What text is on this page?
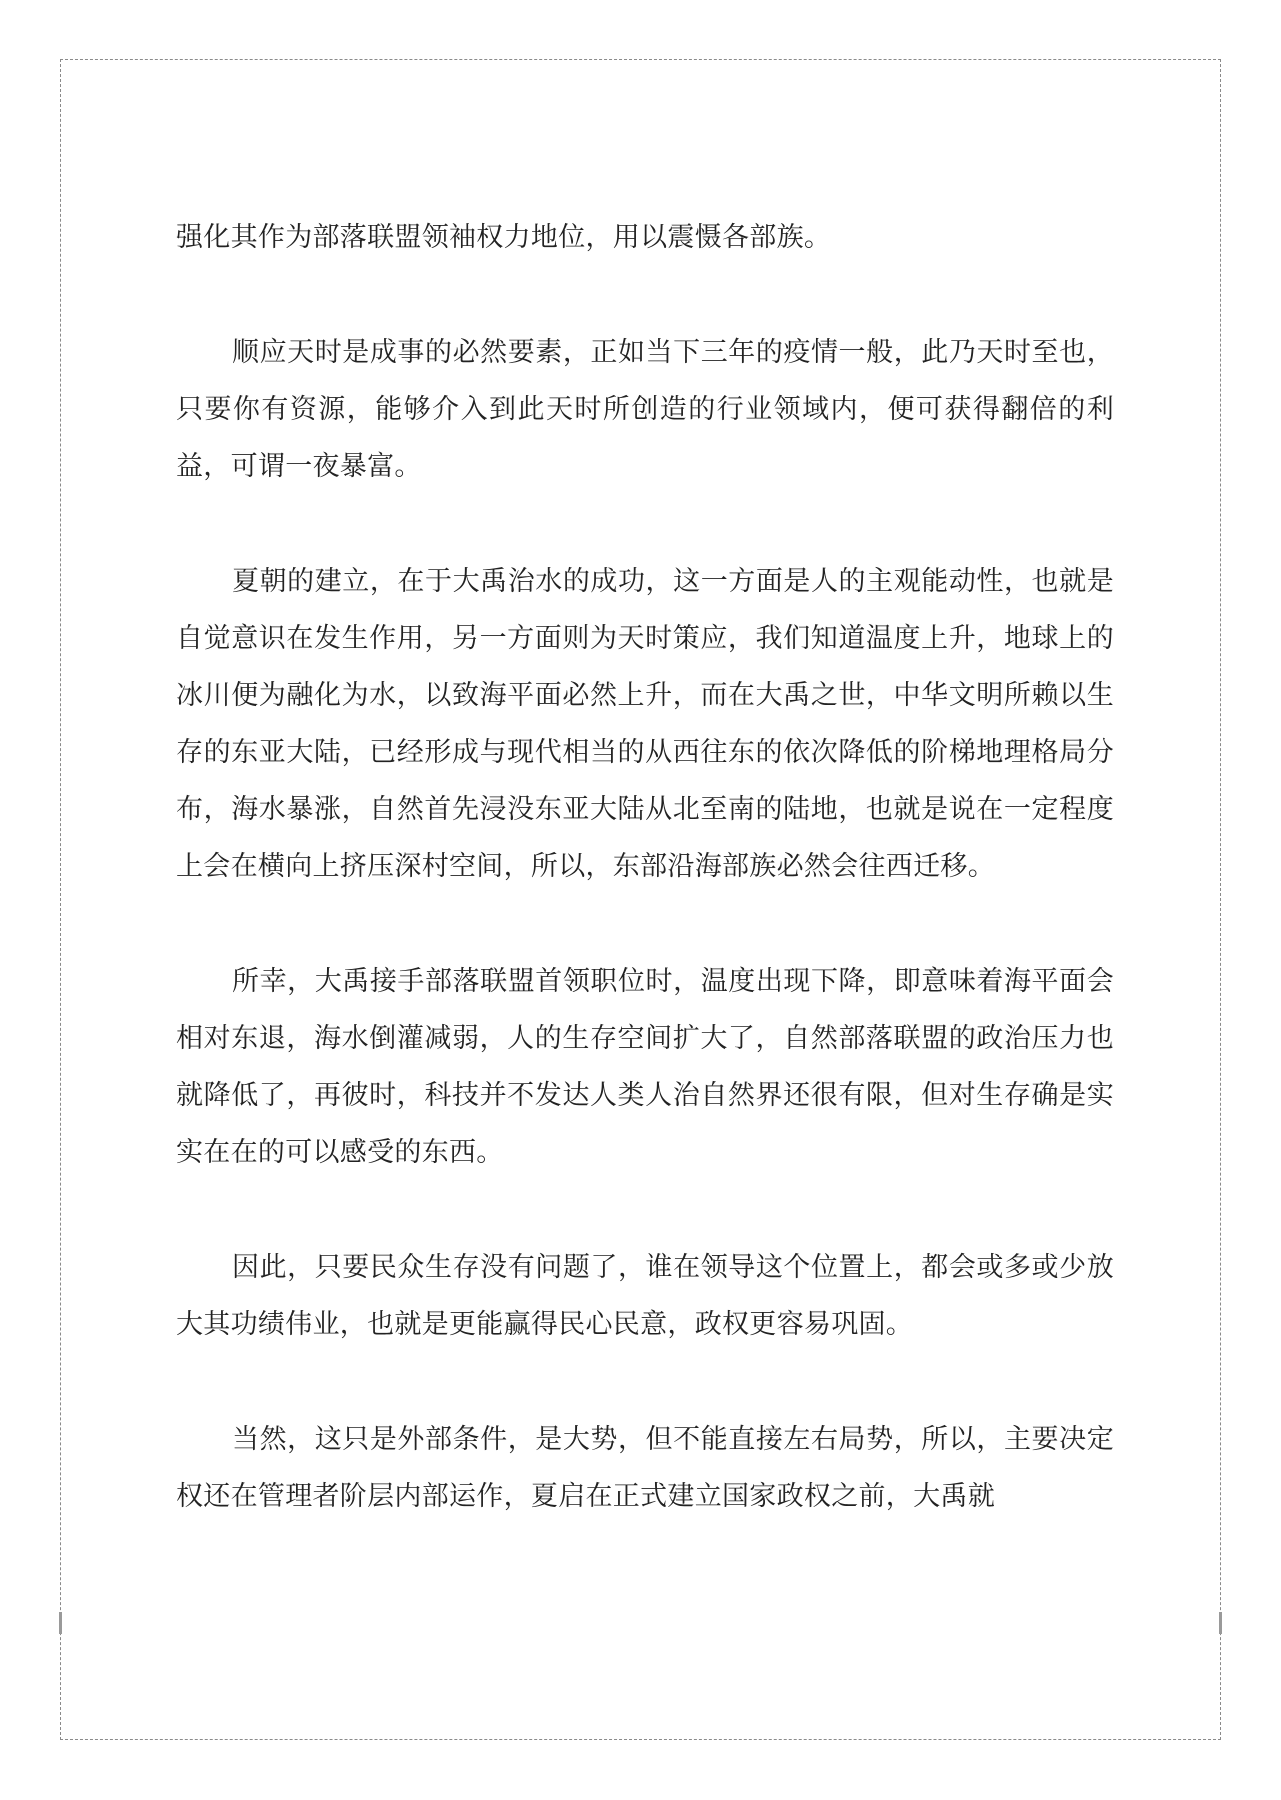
强化其作为部落联盟领袖权力地位，用以震慑各部族。

顺应天时是成事的必然要素，正如当下三年的疫情一般，此乃天时至也，只要你有资源，能够介入到此天时所创造的行业领域内，便可获得翻倍的利益，可谓一夜暴富。

夏朝的建立，在于大禹治水的成功，这一方面是人的主观能动性，也就是自觉意识在发生作用，另一方面则为天时策应，我们知道温度上升，地球上的冰川便为融化为水，以致海平面必然上升，而在大禹之世，中华文明所赖以生存的东亚大陆，已经形成与现代相当的从西往东的依次降低的阶梯地理格局分布，海水暴涨，自然首先浸没东亚大陆从北至南的陆地，也就是说在一定程度上会在横向上挤压深村空间，所以，东部沿海部族必然会往西迁移。

所幸，大禹接手部落联盟首领职位时，温度出现下降，即意味着海平面会相对东退，海水倒灌减弱，人的生存空间扩大了，自然部落联盟的政治压力也就降低了，再彼时，科技并不发达人类人治自然界还很有限，但对生存确是实实在在的可以感受的东西。

因此，只要民众生存没有问题了，谁在领导这个位置上，都会或多或少放大其功绩伟业，也就是更能赢得民心民意，政权更容易巩固。

当然，这只是外部条件，是大势，但不能直接左右局势，所以，主要决定权还在管理者阶层内部运作，夏启在正式建立国家政权之前，大禹就
